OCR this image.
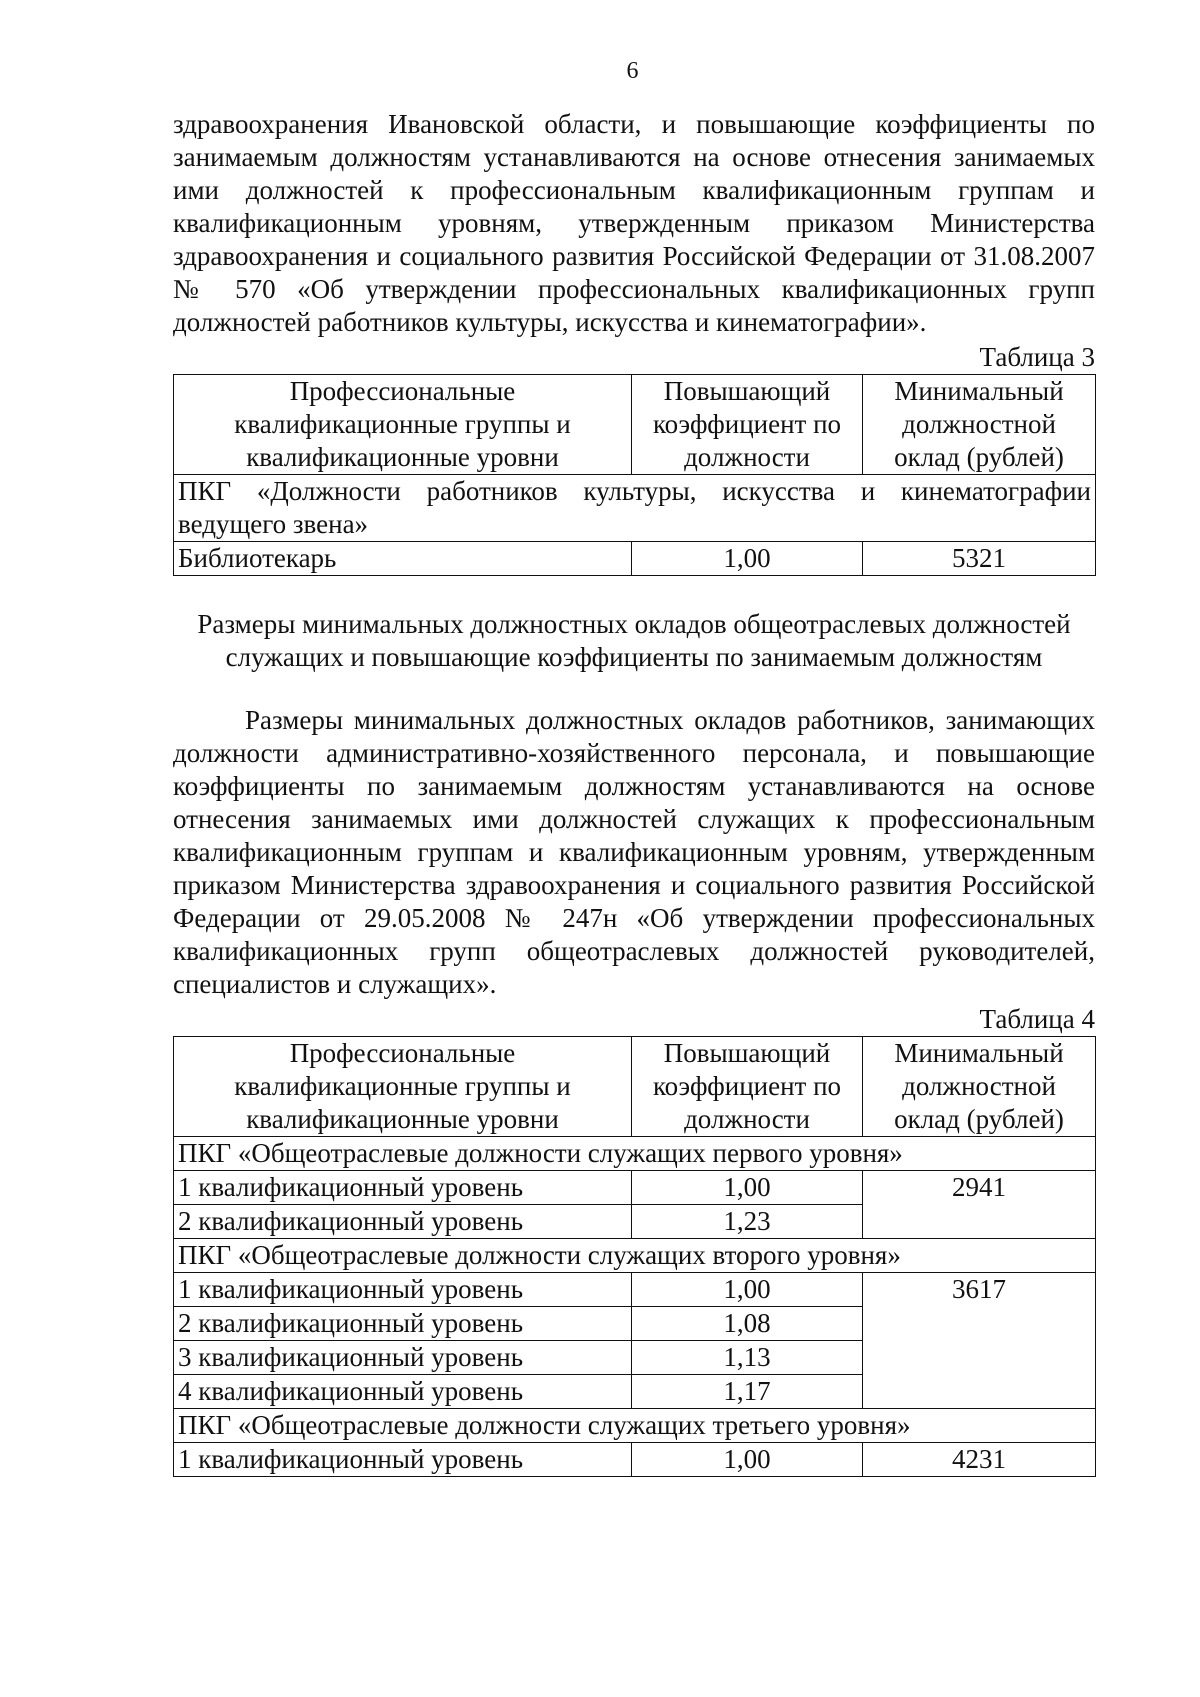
6

здравоохранения Ивановской области, и повышающие коэффициенты по занимаемым должностям устанавливаются на основе отнесения занимаемых ими должностей к профессиональным квалификационным группам и квалификационным уровням, утвержденным приказом Министерства здравоохранения и социального развития Российской Федерации от 31.08.2007 № 570 «Об утверждении профессиональных квалификационных групп должностей работников культуры, искусства и кинематографии».

Таблица 3

Профессиональные квалификационные группы и квалификационные уровни	Повышающий коэффициент по должности	Минимальный должностной оклад (рублей)
ПКГ «Должности работников культуры, искусства и кинематографии ведущего звена»		
Библиотекарь	1,00	5321

Размеры минимальных должностных окладов общеотраслевых должностей служащих и повышающие коэффициенты по занимаемым должностям

Размеры минимальных должностных окладов работников, занимающих должности административно-хозяйственного персонала, и повышающие коэффициенты по занимаемым должностям устанавливаются на основе отнесения занимаемых ими должностей служащих к профессиональным квалификационным группам и квалификационным уровням, утвержденным приказом Министерства здравоохранения и социального развития Российской Федерации от 29.05.2008 № 247н «Об утверждении профессиональных квалификационных групп общеотраслевых должностей руководителей, специалистов и служащих».

Таблица 4

Профессиональные квалификационные группы и квалификационные уровни	Повышающий коэффициент по должности	Минимальный должностной оклад (рублей)
ПКГ «Общеотраслевые должности служащих первого уровня»		
1 квалификационный уровень	1,00	2941
2 квалификационный уровень	1,23	
ПКГ «Общеотраслевые должности служащих второго уровня»		
1 квалификационный уровень	1,00	3617
2 квалификационный уровень	1,08	
3 квалификационный уровень	1,13	
4 квалификационный уровень	1,17	
ПКГ «Общеотраслевые должности служащих третьего уровня»		
1 квалификационный уровень	1,00	4231
